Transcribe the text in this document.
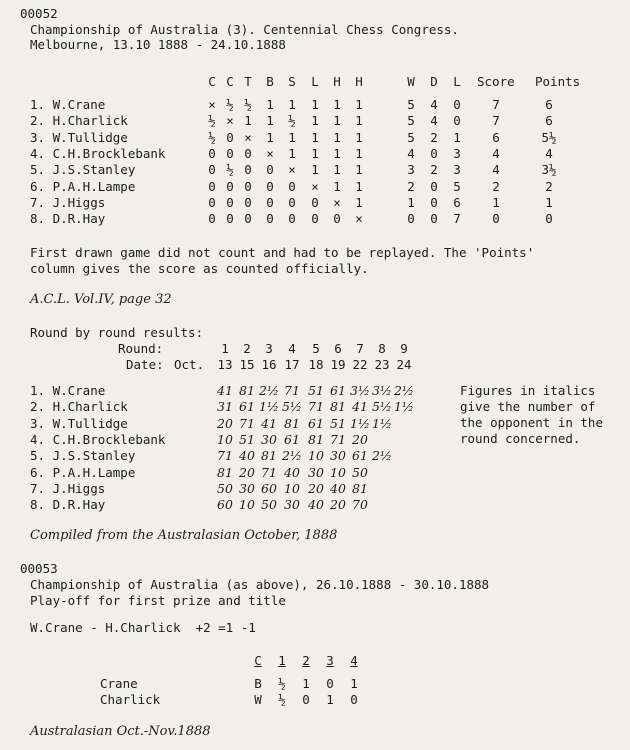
00052
Championship of Australia (3). Centennial Chess Congress.
Melbourne, 13.10 1888 - 24.10.1888
C C T	B	S	L	H	H	W	D	L	Score Points
1. W.Crane	× ½ ½	1	1	1	1	1	5	4	0	7	6
2. H.Charlick	½ × 1	1	½	1	1	1	5	4	0	7	6
3. W.Tullidge	½ 0 ×	1	1	1	1	1	5	2	1	6	5½
4. C.H.Brocklebank	0 0 0	×	1	1	1	1	4	0	3	4	4
5. J.S.Stanley	0 ½ 0	0	×	1	1	1	3	2	3	4	3½
6. P.A.H.Lampe	0 0 0	0	0	×	1	1	2	0	5	2	2
7. J.Higgs	0 0 0	0	0	0	×	1	1	0	6	1	1
8. D.R.Hay	0 0 0	0	0	0	0	×	0	0	7	0	0
First drawn game did not count and had to be replayed. The 'Points'
column gives the score as counted officially.
A.C.L. Vol.IV, page 32
Round by round results:
Round:
Date: Oct.
1	2	3	4	5	6	7	8	9
13 15 16 17 18 19 22 23 24
1. W.Crane	41 81 2½ 71 51 61 3½ 3½ 2½
2. H.Charlick	31 61 1½ 5½ 71 81 41 5½ 1½
3. W.Tullidge	20 71 41 81 61 51 1½ 1½
4. C.H.Brocklebank	10 51 30 61 81 71 20
5. J.S.Stanley	71 40 81 2½ 10 30 61 2½
6. P.A.H.Lampe	81 20 71 40 30 10 50
7. J.Higgs	50 30 60 10 20 40 81
8. D.R.Hay	60 10 50 30 40 20 70
Figures in italics
give the number of
the opponent in the
round concerned.
Compiled from the Australasian October, 1888
00053
Championship of Australia (as above), 26.10.1888 - 30.10.1888
Play-off for first prize and title
W.Crane - H.Charlick  +2 =1 -1
C	1	2	3	4
Crane	B	½	1	0	1
Charlick	W	½	0	1	0
Australasian Oct.-Nov.1888
